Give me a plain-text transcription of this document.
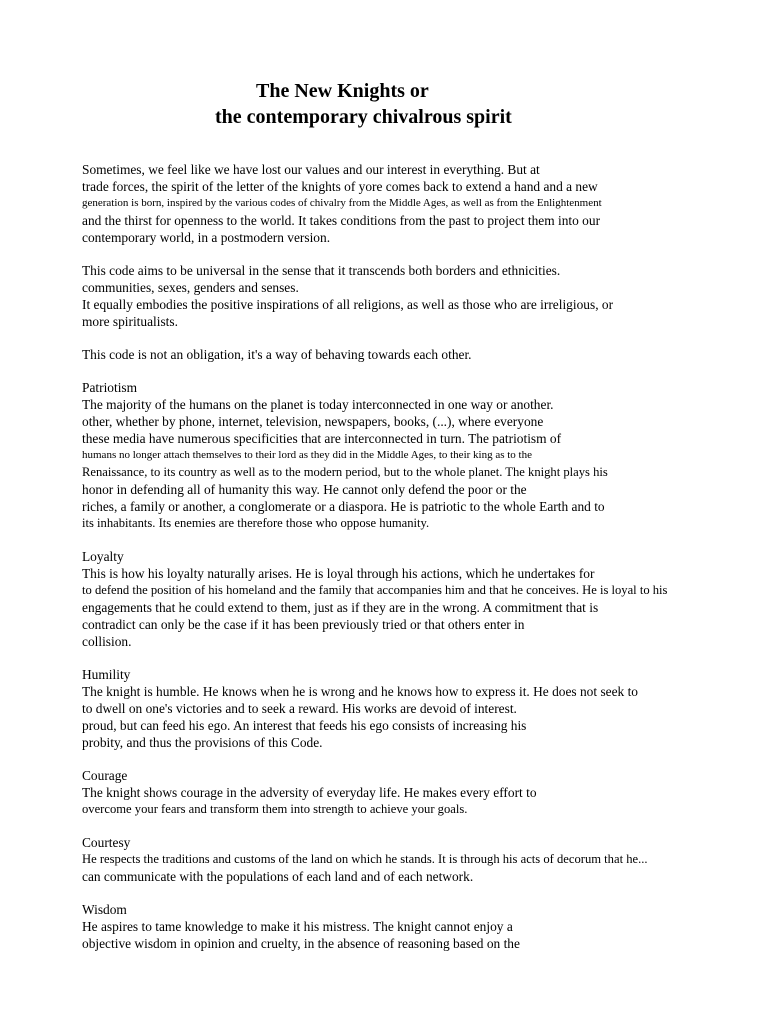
The New Knights or
the contemporary chivalrous spirit
Sometimes, we feel like we have lost our values and our interest in everything. But at
trade forces, the spirit of the letter of the knights of yore comes back to extend a hand and a new
generation is born, inspired by the various codes of chivalry from the Middle Ages, as well as from the Enlightenment
and the thirst for openness to the world. It takes conditions from the past to project them into our
contemporary world, in a postmodern version.
This code aims to be universal in the sense that it transcends both borders and ethnicities.
communities, sexes, genders and senses.
It equally embodies the positive inspirations of all religions, as well as those who are irreligious, or
more spiritualists.
This code is not an obligation, it's a way of behaving towards each other.
Patriotism
The majority of the humans on the planet is today interconnected in one way or another.
other, whether by phone, internet, television, newspapers, books, (...), where everyone
these media have numerous specificities that are interconnected in turn. The patriotism of
humans no longer attach themselves to their lord as they did in the Middle Ages, to their king as to the
Renaissance, to its country as well as to the modern period, but to the whole planet. The knight plays his
honor in defending all of humanity this way. He cannot only defend the poor or the
riches, a family or another, a conglomerate or a diaspora. He is patriotic to the whole Earth and to
its inhabitants. Its enemies are therefore those who oppose humanity.
Loyalty
This is how his loyalty naturally arises. He is loyal through his actions, which he undertakes for
to defend the position of his homeland and the family that accompanies him and that he conceives. He is loyal to his
engagements that he could extend to them, just as if they are in the wrong. A commitment that is
contradict can only be the case if it has been previously tried or that others enter in
collision.
Humility
The knight is humble. He knows when he is wrong and he knows how to express it. He does not seek to
to dwell on one's victories and to seek a reward. His works are devoid of interest.
proud, but can feed his ego. An interest that feeds his ego consists of increasing his
probity, and thus the provisions of this Code.
Courage
The knight shows courage in the adversity of everyday life. He makes every effort to
overcome your fears and transform them into strength to achieve your goals.
Courtesy
He respects the traditions and customs of the land on which he stands. It is through his acts of decorum that he...
can communicate with the populations of each land and of each network.
Wisdom
He aspires to tame knowledge to make it his mistress. The knight cannot enjoy a
objective wisdom in opinion and cruelty, in the absence of reasoning based on the
